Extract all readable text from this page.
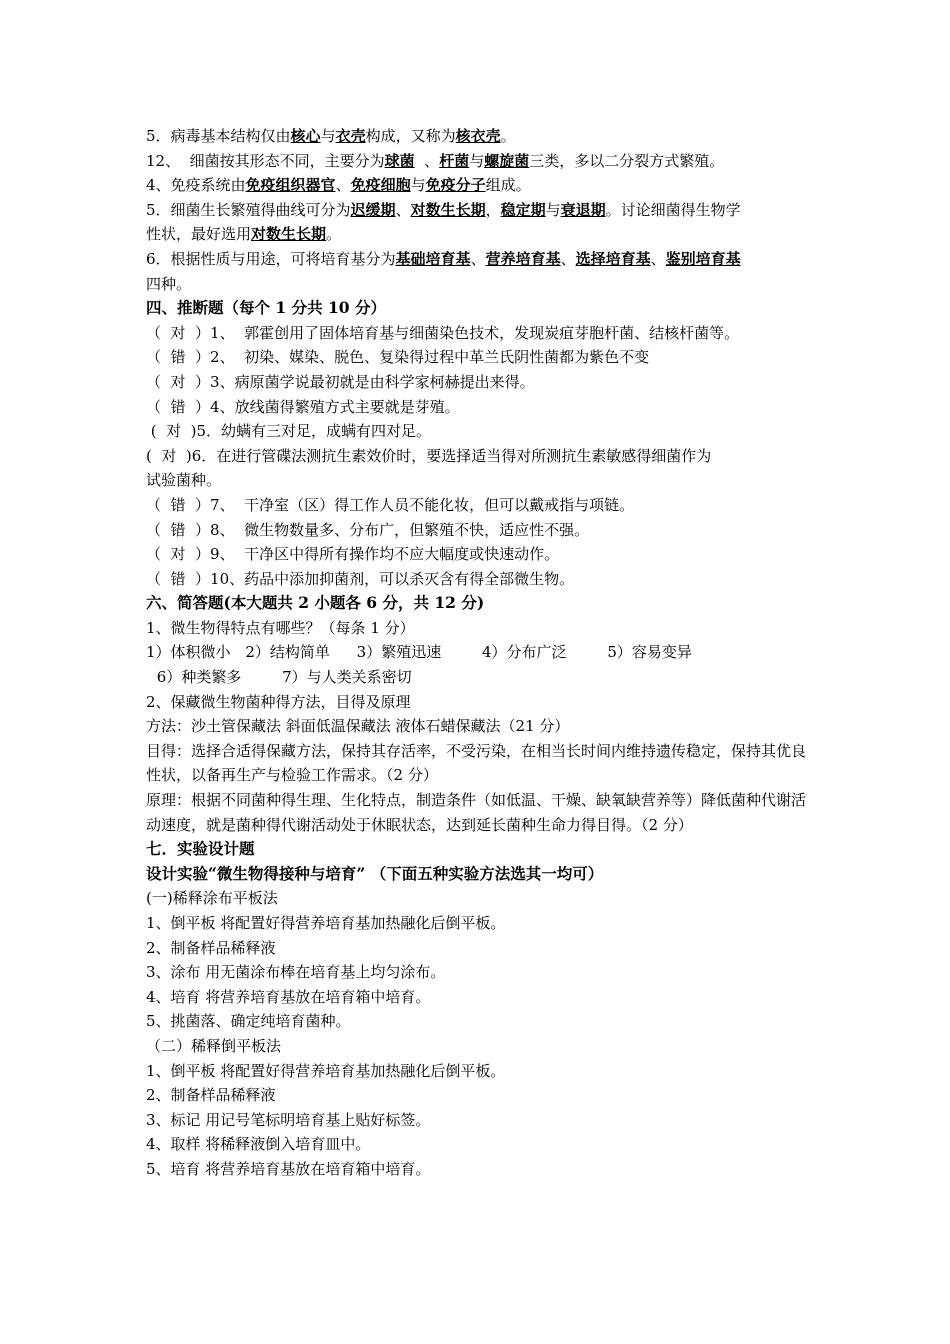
5．病毒基本结构仅由核心与衣壳构成，又称为核衣壳。
12、  细菌按其形态不同，主要分为球菌  、杆菌与螺旋菌三类，多以二分裂方式繁殖。
4、免疫系统由免疫组织器官、免疫细胞与免疫分子组成。
5．细菌生长繁殖得曲线可分为迟缓期、对数生长期，稳定期与衰退期。讨论细菌得生物学
性状，最好选用对数生长期。
6．根据性质与用途，可将培育基分为基础培育基、营养培育基、选择培育基、鉴别培育基
四种。
四、推断题（每个 1 分共 10 分）
（ 对 ）1、  郭霍创用了固体培育基与细菌染色技术，发现炭疽芽胞杆菌、结核杆菌等。
（ 错 ）2、  初染、媒染、脱色、复染得过程中革兰氏阴性菌都为紫色不变
（ 对 ）3、病原菌学说最初就是由科学家柯赫提出来得。
（ 错 ）4、放线菌得繁殖方式主要就是芽殖。
( 对 )5．幼螨有三对足，成螨有四对足。
( 对 )6．在进行管碟法测抗生素效价时，要选择适当得对所测抗生素敏感得细菌作为
试验菌种。
（ 错 ）7、  干净室（区）得工作人员不能化妆，但可以戴戒指与项链。
（ 错 ）8、  微生物数量多、分布广，但繁殖不快，适应性不强。
（ 对 ）9、  干净区中得所有操作均不应大幅度或快速动作。
（ 错 ）10、药品中添加抑菌剂，可以杀灭含有得全部微生物。
六、简答题(本大题共 2 小题各 6 分，共 12 分)
1、微生物得特点有哪些？（每条 1 分）
1）体积微小 2）结构简单 3）繁殖迅速	4）分布广泛	5）容易变异
6）种类繁多	7）与人类关系密切
2、保藏微生物菌种得方法，目得及原理
方法：沙土管保藏法 斜面低温保藏法 液体石蜡保藏法（21 分）
目得：选择合适得保藏方法，保持其存活率，不受污染，在相当长时间内维持遗传稳定，保持其优良性状，以备再生产与检验工作需求。（2 分）
原理：根据不同菌种得生理、生化特点，制造条件（如低温、干燥、缺氧缺营养等）降低菌种代谢活动速度，就是菌种得代谢活动处于休眠状态，达到延长菌种生命力得目得。（2 分）
七．实验设计题
设计实验“微生物得接种与培育” （下面五种实验方法选其一均可）
(一)稀释涂布平板法
1、倒平板 将配置好得营养培育基加热融化后倒平板。
2、制备样品稀释液
3、涂布 用无菌涂布棒在培育基上均匀涂布。
4、培育 将营养培育基放在培育箱中培育。
5、挑菌落、确定纯培育菌种。
（二）稀释倒平板法
1、倒平板 将配置好得营养培育基加热融化后倒平板。
2、制备样品稀释液
3、标记 用记号笔标明培育基上贴好标签。
4、取样 将稀释液倒入培育皿中。
5、培育 将营养培育基放在培育箱中培育。
